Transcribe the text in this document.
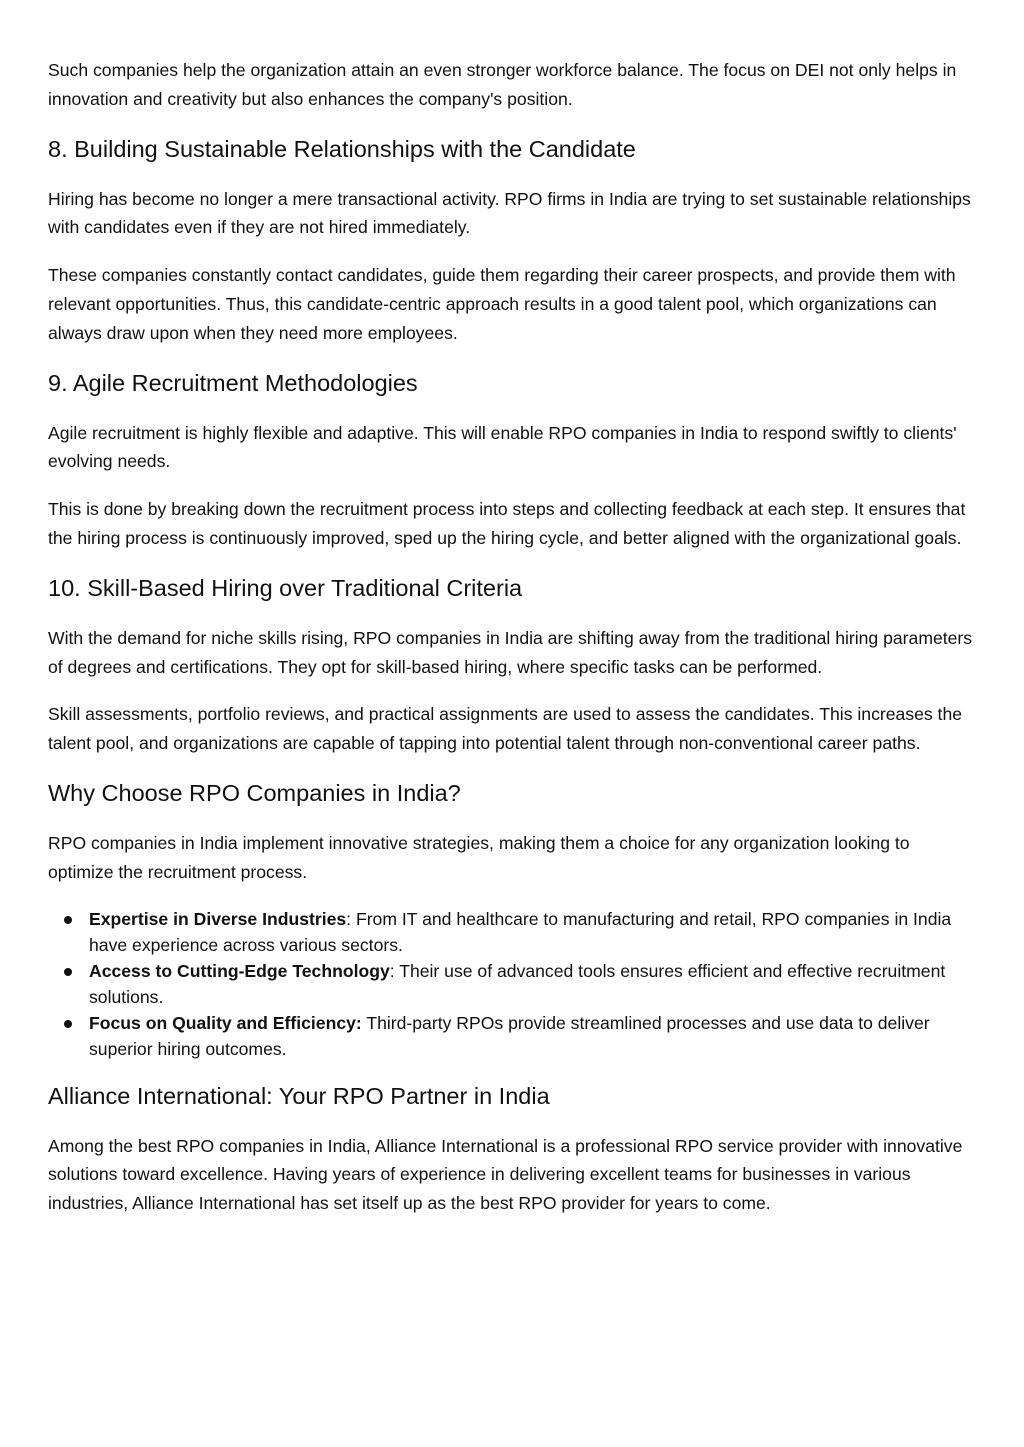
Such companies help the organization attain an even stronger workforce balance. The focus on DEI not only helps in innovation and creativity but also enhances the company's position.

8. Building Sustainable Relationships with the Candidate

Hiring has become no longer a mere transactional activity. RPO firms in India are trying to set sustainable relationships with candidates even if they are not hired immediately.

These companies constantly contact candidates, guide them regarding their career prospects, and provide them with relevant opportunities. Thus, this candidate-centric approach results in a good talent pool, which organizations can always draw upon when they need more employees.

9. Agile Recruitment Methodologies

Agile recruitment is highly flexible and adaptive. This will enable RPO companies in India to respond swiftly to clients' evolving needs.

This is done by breaking down the recruitment process into steps and collecting feedback at each step. It ensures that the hiring process is continuously improved, sped up the hiring cycle, and better aligned with the organizational goals.

10. Skill-Based Hiring over Traditional Criteria

With the demand for niche skills rising, RPO companies in India are shifting away from the traditional hiring parameters of degrees and certifications. They opt for skill-based hiring, where specific tasks can be performed.

Skill assessments, portfolio reviews, and practical assignments are used to assess the candidates. This increases the talent pool, and organizations are capable of tapping into potential talent through non-conventional career paths.

Why Choose RPO Companies in India?

RPO companies in India implement innovative strategies, making them a choice for any organization looking to optimize the recruitment process.

Expertise in Diverse Industries: From IT and healthcare to manufacturing and retail, RPO companies in India have experience across various sectors.
Access to Cutting-Edge Technology: Their use of advanced tools ensures efficient and effective recruitment solutions.
Focus on Quality and Efficiency: Third-party RPOs provide streamlined processes and use data to deliver superior hiring outcomes.
Alliance International: Your RPO Partner in India

Among the best RPO companies in India, Alliance International is a professional RPO service provider with innovative solutions toward excellence. Having years of experience in delivering excellent teams for businesses in various industries, Alliance International has set itself up as the best RPO provider for years to come.
